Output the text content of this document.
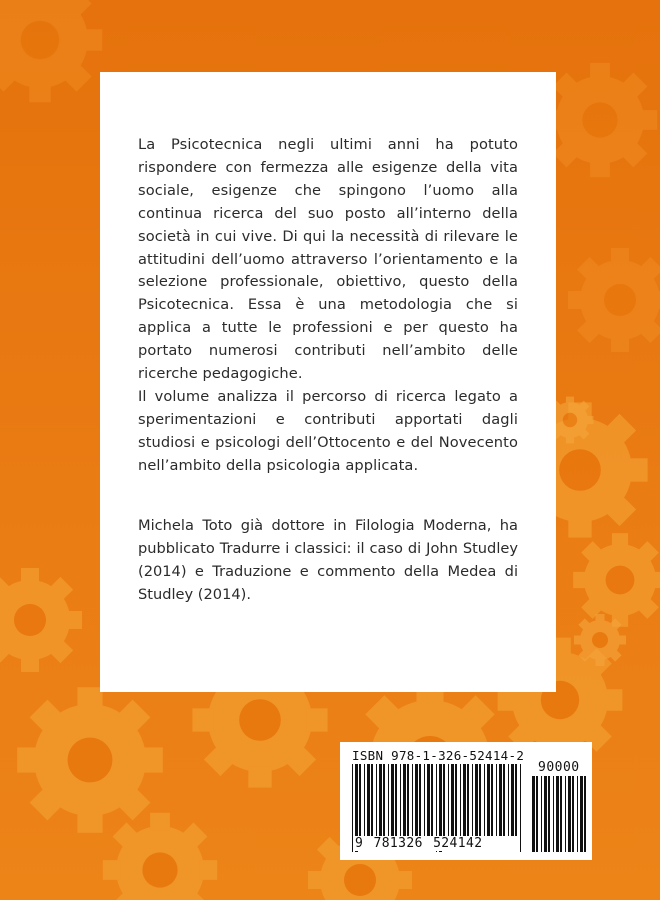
La Psicotecnica negli ultimi anni ha potuto rispondere con fermezza alle esigenze della vita sociale, esigenze che spingono l’uomo alla continua ricerca del suo posto all’interno della società in cui vive. Di qui la necessità di rilevare le attitudini dell’uomo attraverso l’orientamento e la selezione professionale, obiettivo, questo della Psicotecnica. Essa è una metodologia che si applica a tutte le professioni e per questo ha portato numerosi contributi nell’ambito delle ricerche pedagogiche.

Il volume analizza il percorso di ricerca legato a sperimentazioni e contributi apportati dagli studiosi e psicologi dell’Ottocento e del Novecento nell’ambito della psicologia applicata.

Michela Toto già dottore in Filologia Moderna, ha pubblicato Tradurre i classici: il caso di John Studley (2014) e Traduzione e commento della Medea di Studley (2014).

ISBN 978-1-326-52414-2
90000
9 781326 524142
